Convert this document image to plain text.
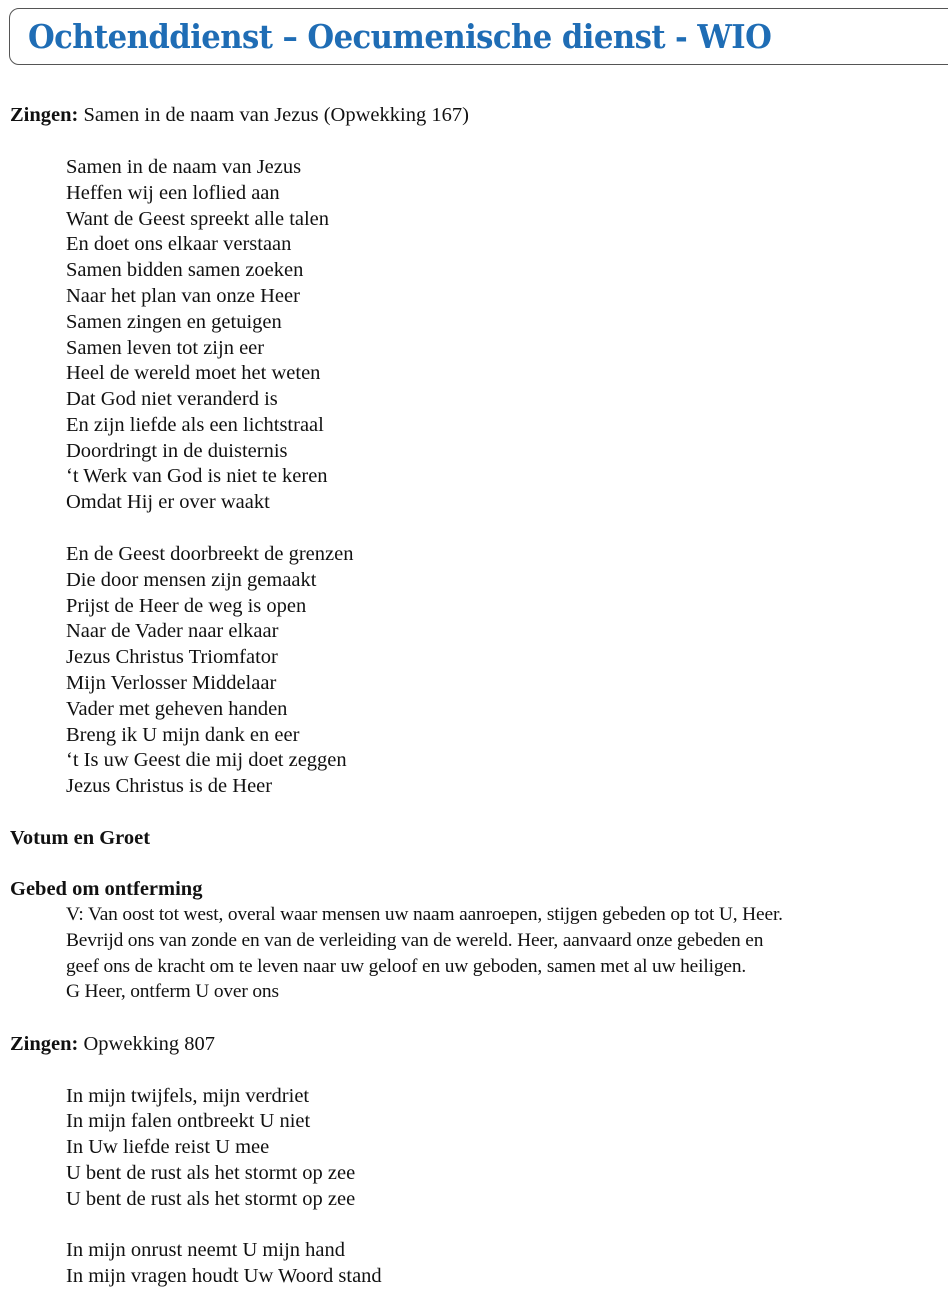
Ochtenddienst – Oecumenische dienst - WIO
Zingen: Samen in de naam van Jezus (Opwekking 167)
Samen in de naam van Jezus
Heffen wij een loflied aan
Want de Geest spreekt alle talen
En doet ons elkaar verstaan
Samen bidden samen zoeken
Naar het plan van onze Heer
Samen zingen en getuigen
Samen leven tot zijn eer
Heel de wereld moet het weten
Dat God niet veranderd is
En zijn liefde als een lichtstraal
Doordringt in de duisternis
‘t Werk van God is niet te keren
Omdat Hij er over waakt
En de Geest doorbreekt de grenzen
Die door mensen zijn gemaakt
Prijst de Heer de weg is open
Naar de Vader naar elkaar
Jezus Christus Triomfator
Mijn Verlosser Middelaar
Vader met geheven handen
Breng ik U mijn dank en eer
‘t Is uw Geest die mij doet zeggen
Jezus Christus is de Heer
Votum en Groet
Gebed om ontferming
V: Van oost tot west, overal waar mensen uw naam aanroepen, stijgen gebeden op tot U, Heer.
Bevrijd ons van zonde en van de verleiding van de wereld. Heer, aanvaard onze gebeden en
geef ons de kracht om te leven naar uw geloof en uw geboden, samen met al uw heiligen.
G Heer, ontferm U over ons
Zingen: Opwekking 807
In mijn twijfels, mijn verdriet
In mijn falen ontbreekt U niet
In Uw liefde reist U mee
U bent de rust als het stormt op zee
U bent de rust als het stormt op zee
In mijn onrust neemt U mijn hand
In mijn vragen houdt Uw Woord stand
